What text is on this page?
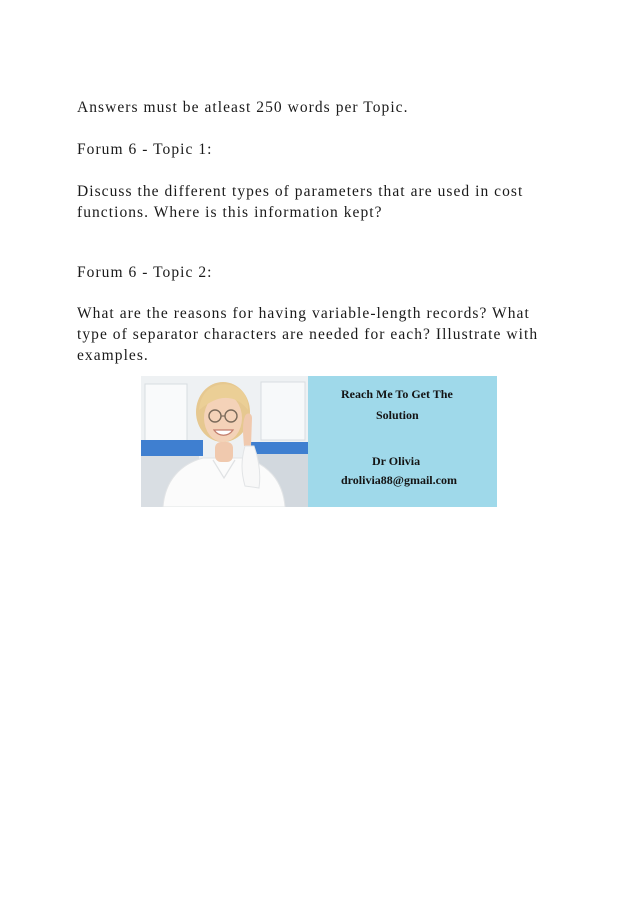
Answers must be atleast 250 words per Topic.

Forum 6 - Topic 1:

Discuss the different types of parameters that are used in cost
functions. Where is this information kept?

Forum 6 - Topic 2:

What are the reasons for having variable-length records? What
type of separator characters are needed for each? Illustrate with
examples.

Reach Me To Get The
Solution
Dr Olivia
drolivia88@gmail.com
